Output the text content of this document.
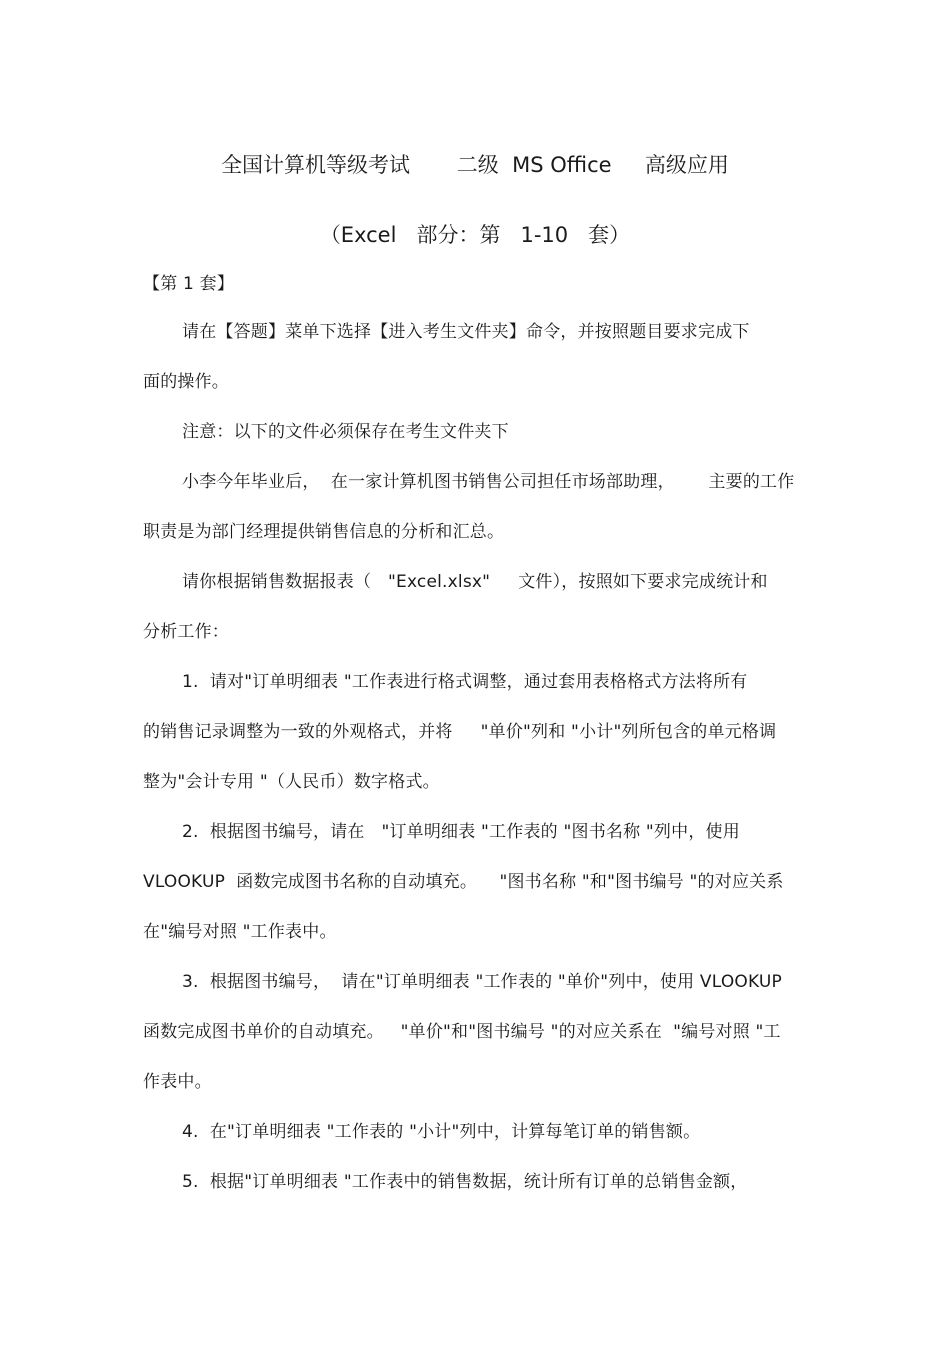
全国计算机等级考试       二级  MS Office     高级应用
（Excel   部分：第   1-10   套）
【第 1 套】
请在【答题】菜单下选择【进入考生文件夹】命令，并按照题目要求完成下
面的操作。
注意：以下的文件必须保存在考生文件夹下
小李今年毕业后，  在一家计算机图书销售公司担任市场部助理，      主要的工作
职责是为部门经理提供销售信息的分析和汇总。
请你根据销售数据报表（   "Excel.xlsx"     文件），按照如下要求完成统计和
分析工作：
1.  请对"订单明细表 "工作表进行格式调整，通过套用表格格式方法将所有
的销售记录调整为一致的外观格式，并将     "单价"列和 "小计"列所包含的单元格调
整为"会计专用 "（人民币）数字格式。
2.  根据图书编号，请在   "订单明细表 "工作表的 "图书名称 "列中，使用
VLOOKUP  函数完成图书名称的自动填充。    "图书名称 "和"图书编号 "的对应关系
在"编号对照 "工作表中。
3.  根据图书编号，  请在"订单明细表 "工作表的 "单价"列中，使用 VLOOKUP
函数完成图书单价的自动填充。   "单价"和"图书编号 "的对应关系在  "编号对照 "工
作表中。
4.  在"订单明细表 "工作表的 "小计"列中，计算每笔订单的销售额。
5.  根据"订单明细表 "工作表中的销售数据，统计所有订单的总销售金额，
